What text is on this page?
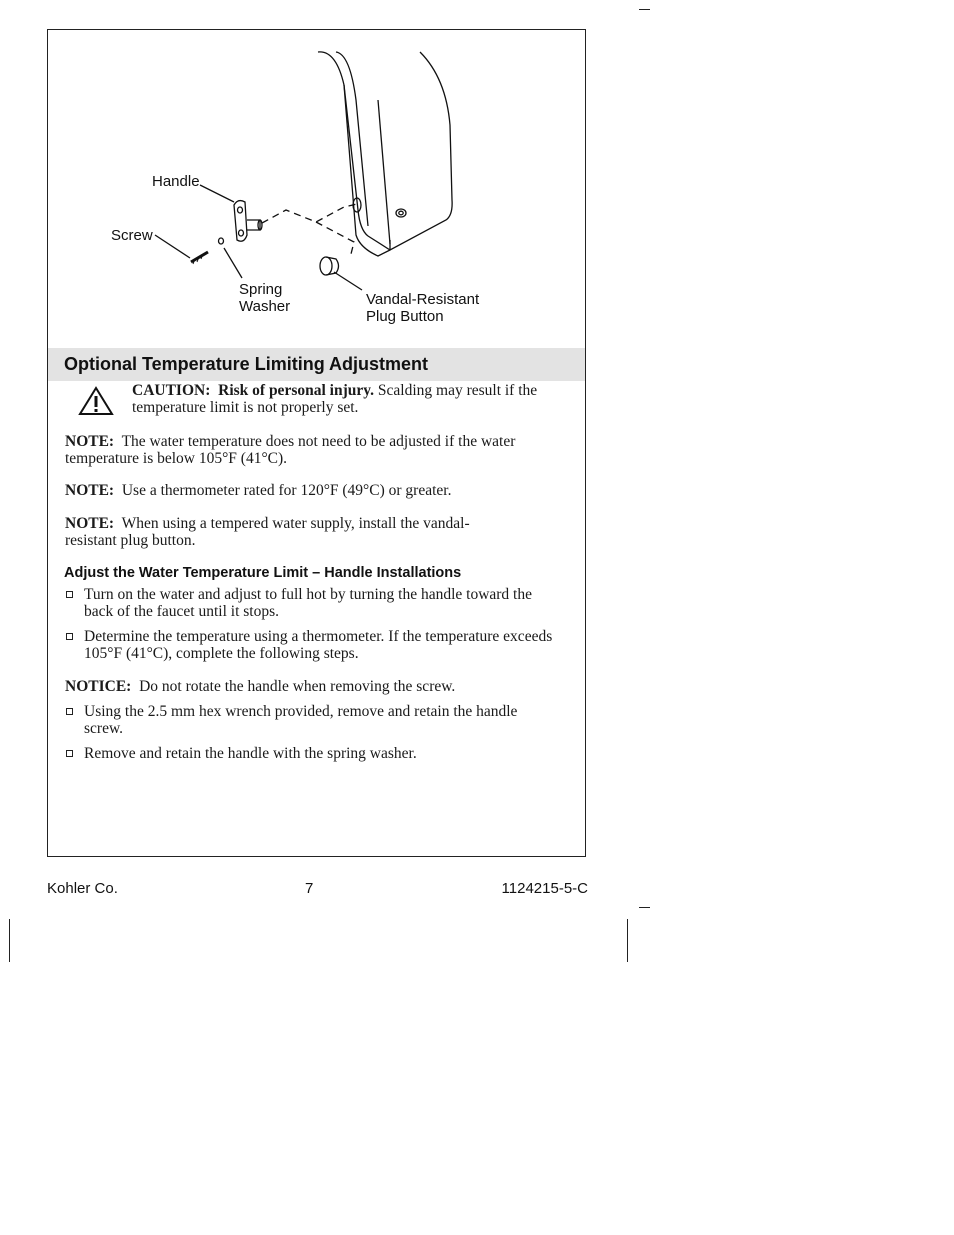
Handle
Screw
Spring
Washer	Vandal-Resistant
Plug Button
Optional Temperature Limiting Adjustment
CAUTION: Risk of personal injury. Scalding may result if the temperature limit is not properly set.
NOTE: The water temperature does not need to be adjusted if the water temperature is below 105°F (41°C).
NOTE: Use a thermometer rated for 120°F (49°C) or greater.
NOTE: When using a tempered water supply, install the vandal-resistant plug button.
Adjust the Water Temperature Limit – Handle Installations
Turn on the water and adjust to full hot by turning the handle toward the back of the faucet until it stops.
Determine the temperature using a thermometer. If the temperature exceeds 105°F (41°C), complete the following steps.
NOTICE: Do not rotate the handle when removing the screw.
Using the 2.5 mm hex wrench provided, remove and retain the handle screw.
Remove and retain the handle with the spring washer.
Kohler Co.	7	1124215-5-C
